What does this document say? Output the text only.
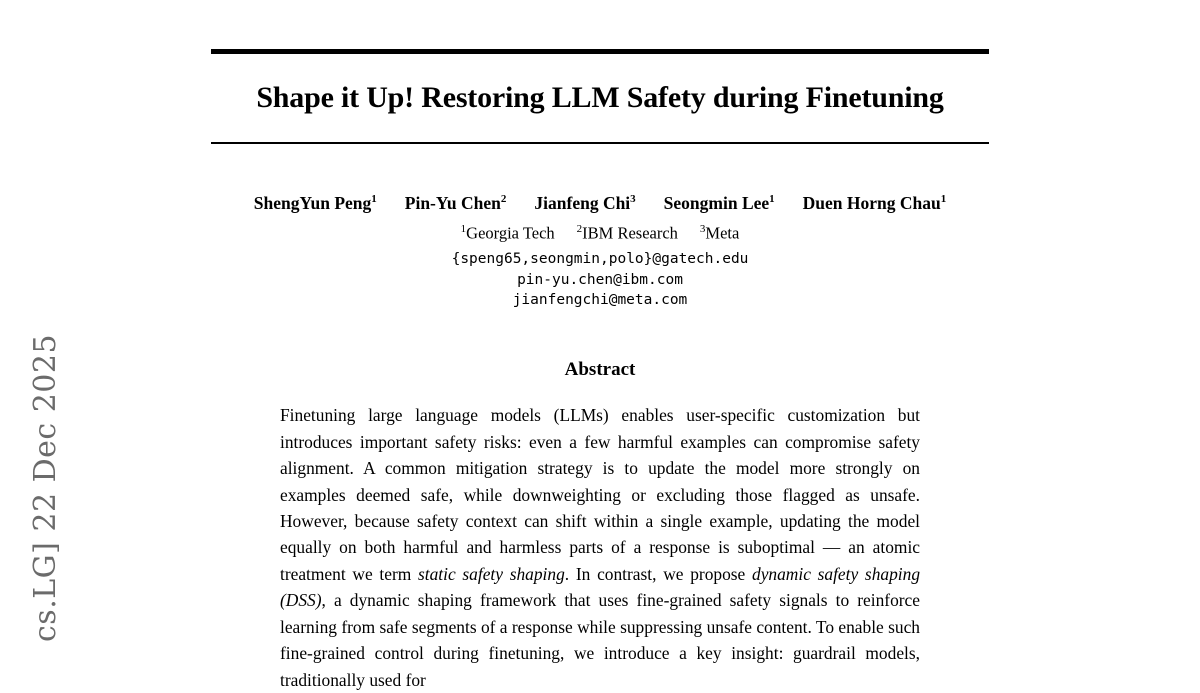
cs.LG] 22 Dec 2025
Shape it Up! Restoring LLM Safety during Finetuning
ShengYun Peng$^1$ Pin-Yu Chen$^2$ Jianfeng Chi$^3$ Seongmin Lee$^1$ Duen Horng Chau$^1$
$^1$Georgia Tech $^2$IBM Research $^3$Meta
{speng65,seongmin,polo}@gatech.edu
pin-yu.chen@ibm.com
jianfengchi@meta.com
Abstract
Finetuning large language models (LLMs) enables user-specific customization but introduces important safety risks: even a few harmful examples can compromise safety alignment. A common mitigation strategy is to update the model more strongly on examples deemed safe, while downweighting or excluding those flagged as unsafe. However, because safety context can shift within a single example, updating the model equally on both harmful and harmless parts of a response is suboptimal — an atomic treatment we term static safety shaping. In contrast, we propose dynamic safety shaping (DSS), a dynamic shaping framework that uses fine-grained safety signals to reinforce learning from safe segments of a response while suppressing unsafe content. To enable such fine-grained control during finetuning, we introduce a key insight: guardrail models, traditionally used for
